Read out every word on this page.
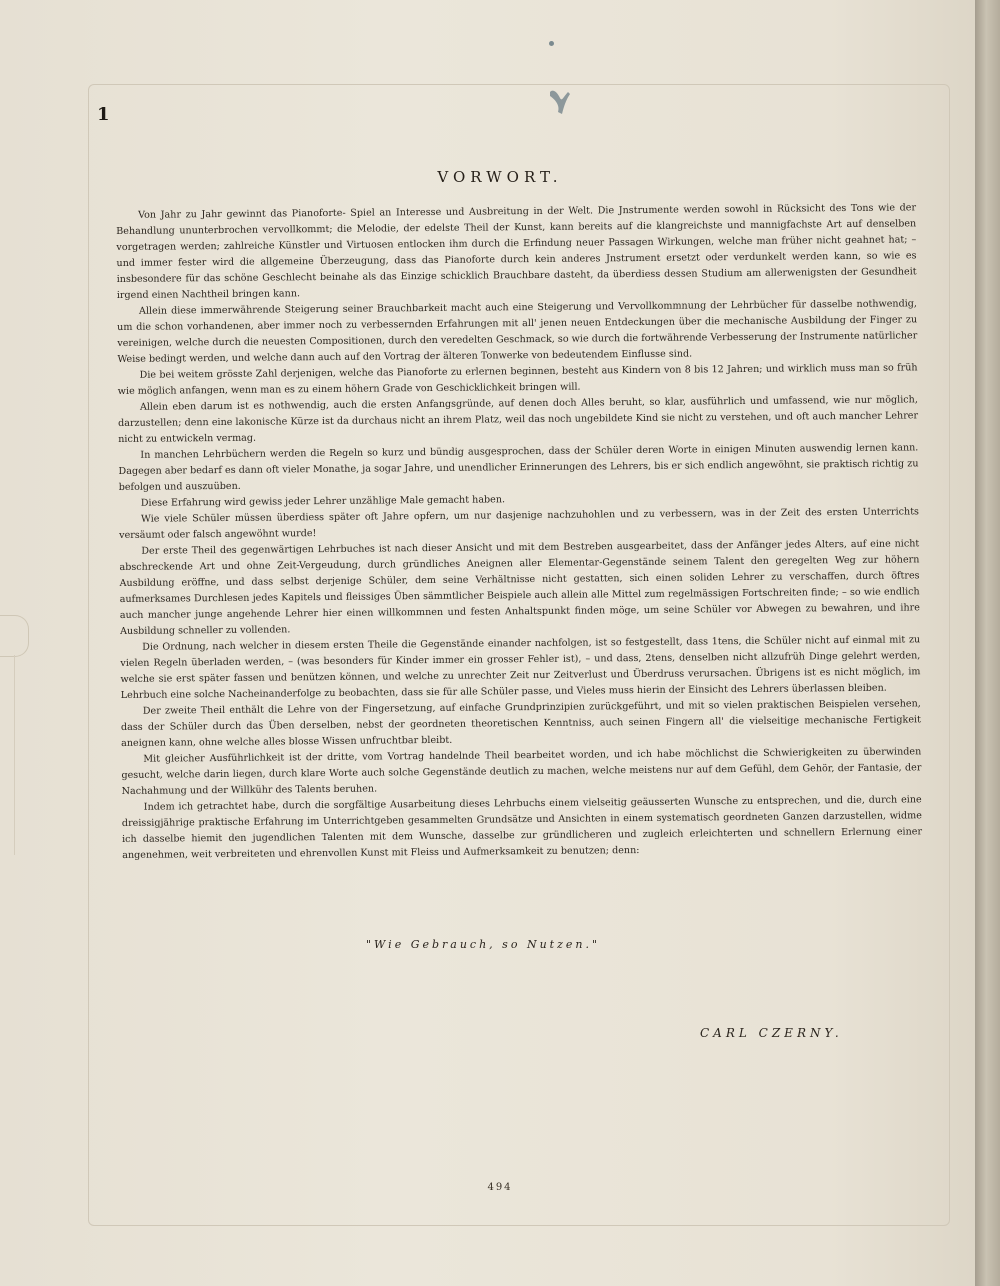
1
VORWORT.

Von Jahr zu Jahr gewinnt das Pianoforte- Spiel an Interesse und Ausbreitung in der Welt. Die Jnstrumente werden sowohl in Rücksicht des Tons wie der Behandlung ununterbrochen vervollkommt; die Melodie, der edelste Theil der Kunst, kann bereits auf die klangreichste und mannigfachste Art auf denselben vorgetragen werden; zahlreiche Künstler und Virtuosen entlocken ihm durch die Erfindung neuer Passagen Wirkungen, welche man früher nicht geahnet hat; – und immer fester wird die allgemeine Überzeugung, dass das Pianoforte durch kein anderes Jnstrument ersetzt oder verdunkelt werden kann, so wie es insbesondere für das schöne Geschlecht beinahe als das Einzige schicklich Brauchbare dasteht, da überdiess dessen Studium am allerwenigsten der Gesundheit irgend einen Nachtheil bringen kann.

Allein diese immerwährende Steigerung seiner Brauchbarkeit macht auch eine Steigerung und Vervollkommnung der Lehrbücher für dasselbe nothwendig, um die schon vorhandenen, aber immer noch zu verbessernden Erfahrungen mit all' jenen neuen Entdeckungen über die mechanische Ausbildung der Finger zu vereinigen, welche durch die neuesten Compositionen, durch den veredelten Geschmack, so wie durch die fortwährende Verbesserung der Instrumente natürlicher Weise bedingt werden, und welche dann auch auf den Vortrag der älteren Tonwerke von bedeutendem Einflusse sind.

Die bei weitem grösste Zahl derjenigen, welche das Pianoforte zu erlernen beginnen, besteht aus Kindern von 8 bis 12 Jahren; und wirklich muss man so früh wie möglich anfangen, wenn man es zu einem höhern Grade von Geschicklichkeit bringen will.

Allein eben darum ist es nothwendig, auch die ersten Anfangsgründe, auf denen doch Alles beruht, so klar, ausführlich und umfassend, wie nur möglich, darzustellen; denn eine lakonische Kürze ist da durchaus nicht an ihrem Platz, weil das noch ungebildete Kind sie nicht zu verstehen, und oft auch mancher Lehrer nicht zu entwickeln vermag.

In manchen Lehrbüchern werden die Regeln so kurz und bündig ausgesprochen, dass der Schüler deren Worte in einigen Minuten auswendig lernen kann. Dagegen aber bedarf es dann oft vieler Monathe, ja sogar Jahre, und unendlicher Erinnerungen des Lehrers, bis er sich endlich angewöhnt, sie praktisch richtig zu befolgen und auszuüben.

Diese Erfahrung wird gewiss jeder Lehrer unzählige Male gemacht haben.

Wie viele Schüler müssen überdiess später oft Jahre opfern, um nur dasjenige nachzuhohlen und zu verbessern, was in der Zeit des ersten Unterrichts versäumt oder falsch angewöhnt wurde!

Der erste Theil des gegenwärtigen Lehrbuches ist nach dieser Ansicht und mit dem Bestreben ausgearbeitet, dass der Anfänger jedes Alters, auf eine nicht abschreckende Art und ohne Zeit-Vergeudung, durch gründliches Aneignen aller Elementar-Gegenstände seinem Talent den geregelten Weg zur höhern Ausbildung eröffne, und dass selbst derjenige Schüler, dem seine Verhältnisse nicht gestatten, sich einen soliden Lehrer zu verschaffen, durch öftres aufmerksames Durchlesen jedes Kapitels und fleissiges Üben sämmtlicher Beispiele auch allein alle Mittel zum regelmässigen Fortschreiten finde; – so wie endlich auch mancher junge angehende Lehrer hier einen willkommnen und festen Anhaltspunkt finden möge, um seine Schüler vor Abwegen zu bewahren, und ihre Ausbildung schneller zu vollenden.

Die Ordnung, nach welcher in diesem ersten Theile die Gegenstände einander nachfolgen, ist so festgestellt, dass 1tens, die Schüler nicht auf einmal mit zu vielen Regeln überladen werden, – (was besonders für Kinder immer ein grosser Fehler ist), – und dass, 2tens, denselben nicht allzufrüh Dinge gelehrt werden, welche sie erst später fassen und benützen können, und welche zu unrechter Zeit nur Zeitverlust und Überdruss verursachen. Übrigens ist es nicht möglich, im Lehrbuch eine solche Nacheinanderfolge zu beobachten, dass sie für alle Schüler passe, und Vieles muss hierin der Einsicht des Lehrers überlassen bleiben.

Der zweite Theil enthält die Lehre von der Fingersetzung, auf einfache Grundprinzipien zurückgeführt, und mit so vielen praktischen Beispielen versehen, dass der Schüler durch das Üben derselben, nebst der geordneten theoretischen Kenntniss, auch seinen Fingern all' die vielseitige mechanische Fertigkeit aneignen kann, ohne welche alles blosse Wissen unfruchtbar bleibt.

Mit gleicher Ausführlichkeit ist der dritte, vom Vortrag handelnde Theil bearbeitet worden, und ich habe möchlichst die Schwierigkeiten zu überwinden gesucht, welche darin liegen, durch klare Worte auch solche Gegenstände deutlich zu machen, welche meistens nur auf dem Gefühl, dem Gehör, der Fantasie, der Nachahmung und der Willkühr des Talents beruhen.

Indem ich getrachtet habe, durch die sorgfältige Ausarbeitung dieses Lehrbuchs einem vielseitig geäusserten Wunsche zu entsprechen, und die, durch eine dreissigjährige praktische Erfahrung im Unterrichtgeben gesammelten Grundsätze und Ansichten in einem systematisch geordneten Ganzen darzustellen, widme ich dasselbe hiemit den jugendlichen Talenten mit dem Wunsche, dasselbe zur gründlicheren und zugleich erleichterten und schnellern Erlernung einer angenehmen, weit verbreiteten und ehrenvollen Kunst mit Fleiss und Aufmerksamkeit zu benutzen; denn:

"Wie Gebrauch, so Nutzen."
CARL CZERNY.
494
